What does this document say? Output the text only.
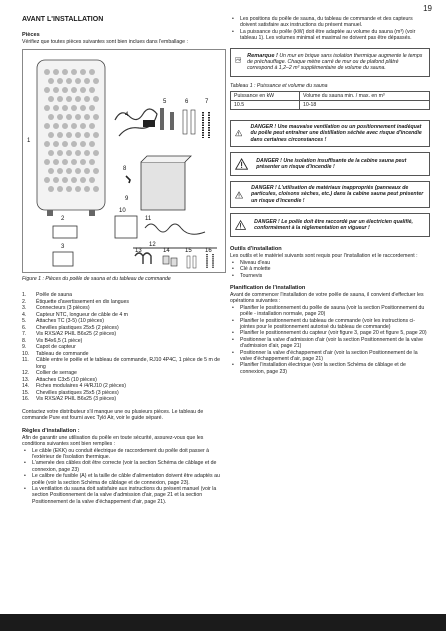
19
AVANT L'INSTALLATION
Pièces

Vérifiez que toutes pièces suivantes sont bien inclues dans l'emballage :

1
2
3
4
5	6	7
8
9
10
11
12
13	14	15 16
Figure 1 : Pièces du poêle de sauna et du tableau de commande
1.	Poêle de sauna
2.	Étiquette d'avertissement en dix langues
3.	Connecteurs (3 pièces)
4.	Capteur NTC, longueur de câble de 4 m
5.	Attaches TC (3-5) (10 pièces)
6.	Chevilles plastiques 25x5 (2 pièces)
7.	Vis RXS/A2 PHIL B6x25 (2 pièces)
8.	Vis B4x6,5 (1 pièce)
9.	Capot de capteur
10.	Tableau de commande
11.	Câble entre le poêle et le tableau de commande, RJ10 4P4C, 1 pièce de 5 m de long
12.	Collier de serrage
13.	Attaches C3x5 (10 pièces)
14.	Fiches modulaires 4 /4/RJ10 (2 pièces)
15.	Chevilles plastiques 25x5 (3 pièces)
16.	Vis RXS/A2 PHIL B6x25 (3 pièces)

Contactez votre distributeur s'il manque une ou plusieurs pièces. Le tableau de commande Pure est fourni avec Tylö Air, voir le guide séparé.

Règles d'installation :

Afin de garantir une utilisation du poêle en toute sécurité, assurez-vous que les conditions suivantes sont bien remplies :

• Le câble (EKK) ou conduit électrique de raccordement du poêle doit passer à l'extérieur de l'isolation thermique.
• L'amenée des câbles doit être correcte (voir la section Schéma de câblage et de connexion, page 23)
• Le calibre de fusible (A) et la taille de câble d'alimentation doivent être adaptés au poêle (voir la section Schéma de câblage et de connexion, page 23).
• La ventilation du sauna doit satisfaire aux instructions du présent manuel (voir la section Positionnement de la valve d'admission d'air, page 21 et la section Positionnement de la valve d'échappement d'air, page 21).
• Les positions du poêle de sauna, du tableau de commande et des capteurs doivent satisfaire aux instructions du présent manuel.
• La puissance du poêle (kW) doit être adaptée au volume du sauna (m³) (voir tableau 1). Les volumes minimal et maximal ne doivent pas être dépassés.
Remarque ! Un mur en brique sans isolation thermique augmente le temps de préchauffage. Chaque mètre carré de mur ou de plafond plâtré correspond à 1,2–2 m³ supplémentaire de volume du sauna.
Tableau 1 : Puissance et volume du sauna
Puissance en kW	Volume du sauna min. / max. en m³
10.5	10-18
DANGER ! Une mauvaise ventilation ou un positionnement inadéquat du poêle peut entraîner une distillation séchée avec risque d'incendie dans certaines circonstances !
DANGER ! Une isolation insuffisante de la cabine sauna peut présenter un risque d'incendie !
DANGER ! L'utilisation de matériaux inappropriés (panneaux de particules, cloisons sèches, etc.) dans la cabine sauna peut présenter un risque d'incendie !
DANGER ! Le poêle doit être raccordé par un électricien qualifié, conformément à la réglementation en vigueur !
Outils d'installation

Les outils et le matériel suivants sont requis pour l'installation et le raccordement :

• Niveau d'eau
• Clé à molette
• Tournevis
Planification de l'installation

Avant de commencer l'installation de votre poêle de sauna, il convient d'effectuer les opérations suivantes :

• Planifier le positionnement du poêle de sauna (voir la section Positionnement du poêle - installation normale, page 20)
• Planifier le positionnement du tableau de commande (voir les instructions ci-jointes pour le positionnement autorisé du tableau de commande)
• Planifier le positionnement du capteur (voir figure 3, page 20 et figure 5, page 20)
• Positionner la valve d'admission d'air (voir la section Positionnement de la valve d'admission d'air, page 21)
• Positionner la valve d'échappement d'air (voir la section Positionnement de la valve d'échappement d'air, page 21)
• Planifier l'installation électrique (voir la section Schéma de câblage et de connexion, page 23)
